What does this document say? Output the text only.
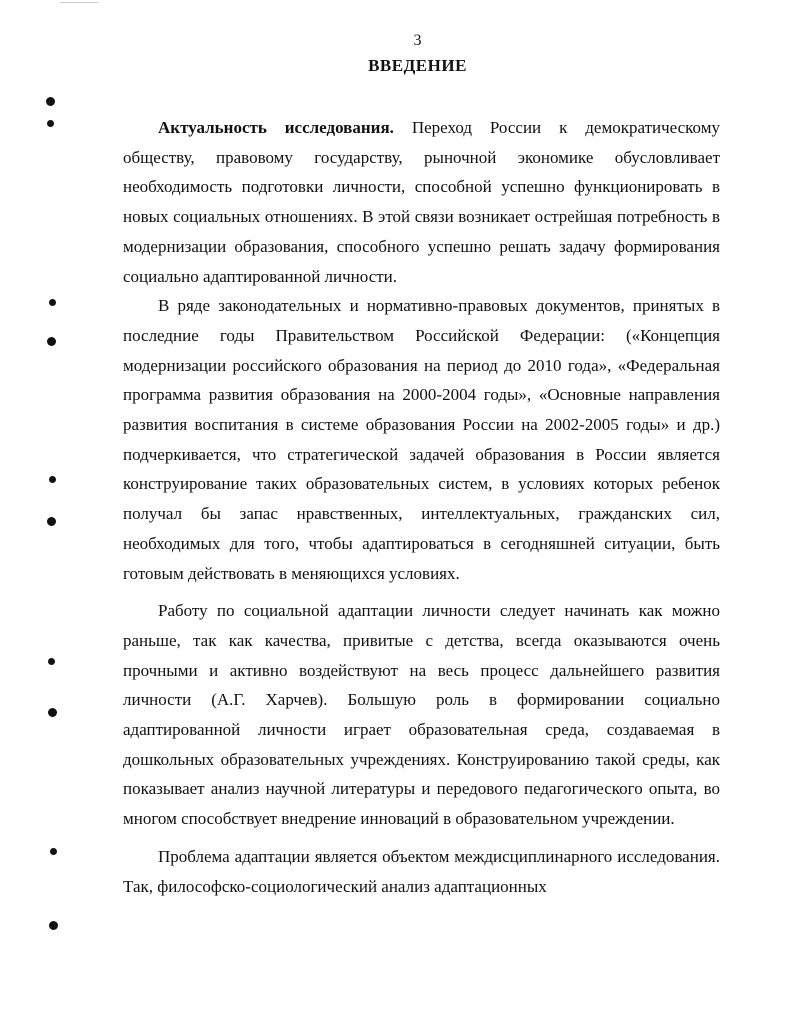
3
ВВЕДЕНИЕ

Актуальность исследования. Переход России к демократическому обществу, правовому государству, рыночной экономике обусловливает необходимость подготовки личности, способной успешно функционировать в новых социальных отношениях. В этой связи возникает острейшая потребность в модернизации образования, способного успешно решать задачу формирования социально адаптированной личности.

В ряде законодательных и нормативно-правовых документов, принятых в последние годы Правительством Российской Федерации: («Концепция модернизации российского образования на период до 2010 года», «Федеральная программа развития образования на 2000-2004 годы», «Основные направления развития воспитания в системе образования России на 2002-2005 годы» и др.) подчеркивается, что стратегической задачей образования в России является конструирование таких образовательных систем, в условиях которых ребенок получал бы запас нравственных, интеллектуальных, гражданских сил, необходимых для того, чтобы адаптироваться в сегодняшней ситуации, быть готовым действовать в меняющихся условиях.

Работу по социальной адаптации личности следует начинать как можно раньше, так как качества, привитые с детства, всегда оказываются очень прочными и активно воздействуют на весь процесс дальнейшего развития личности (А.Г. Харчев). Большую роль в формировании социально адаптированной личности играет образовательная среда, создаваемая в дошкольных образовательных учреждениях. Конструированию такой среды, как показывает анализ научной литературы и передового педагогического опыта, во многом способствует внедрение инноваций в образовательном учреждении.

Проблема адаптации является объектом междисциплинарного исследования. Так, философско-социологический анализ адаптационных
